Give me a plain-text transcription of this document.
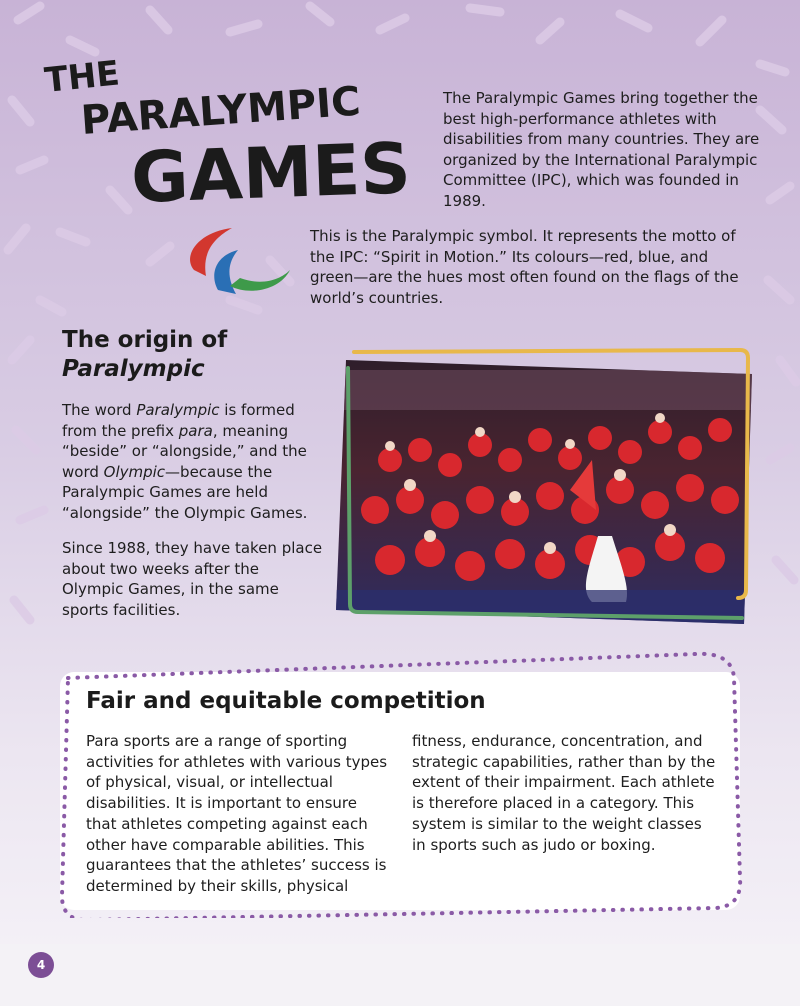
THE
PARALYMPIC
GAMES

The Paralympic Games bring together the best high-performance athletes with disabilities from many countries. They are organized by the International Paralympic Committee (IPC), which was founded in 1989.

This is the Paralympic symbol. It represents the motto of the IPC: “Spirit in Motion.” Its colours—red, blue, and green—are the hues most often found on the flags of the world’s countries.

The origin of
Paralympic

The word Paralympic is formed from the prefix para, meaning “beside” or “alongside,” and the word Olympic—because the Paralympic Games are held “alongside” the Olympic Games.

Since 1988, they have taken place about two weeks after the Olympic Games, in the same sports facilities.

Fair and equitable competition

Para sports are a range of sporting activities for athletes with various types of physical, visual, or intellectual disabilities. It is important to ensure that athletes competing against each other have comparable abilities. This guarantees that the athletes’ success is determined by their skills, physical

fitness, endurance, concentration, and strategic capabilities, rather than by the extent of their impairment. Each athlete is therefore placed in a category. This system is similar to the weight classes in sports such as judo or boxing.

4
